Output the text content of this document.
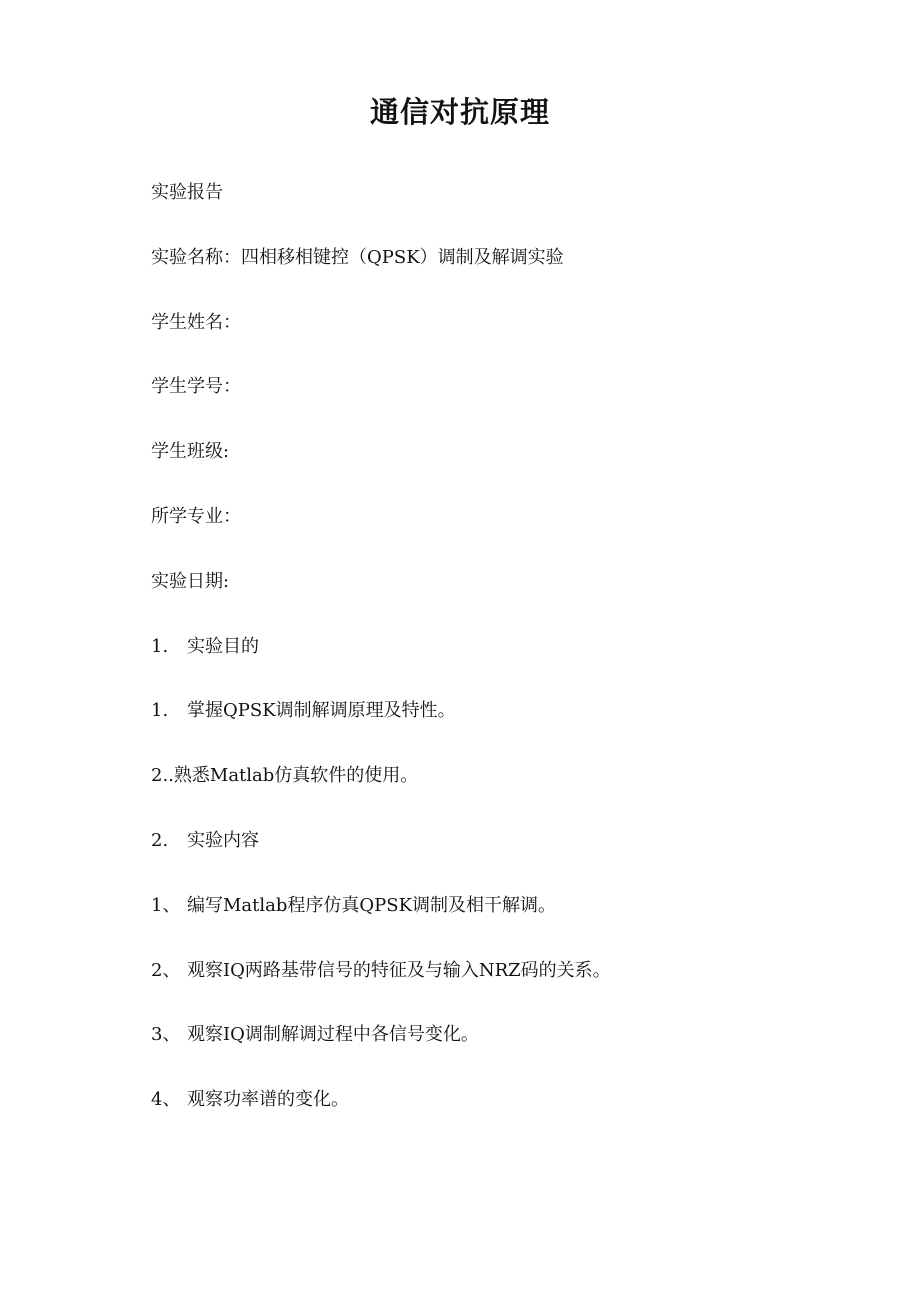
通信对抗原理
实验报告
实验名称：四相移相键控（QPSK）调制及解调实验
学生姓名：
学生学号：
学生班级:
所学专业：
实验日期:
1. 实验目的
1. 掌握QPSK调制解调原理及特性。
2..熟悉Matlab仿真软件的使用。
2. 实验内容
1、 编写Matlab程序仿真QPSK调制及相干解调。
2、 观察IQ两路基带信号的特征及与输入NRZ码的关系。
3、 观察IQ调制解调过程中各信号变化。
4、 观察功率谱的变化。
